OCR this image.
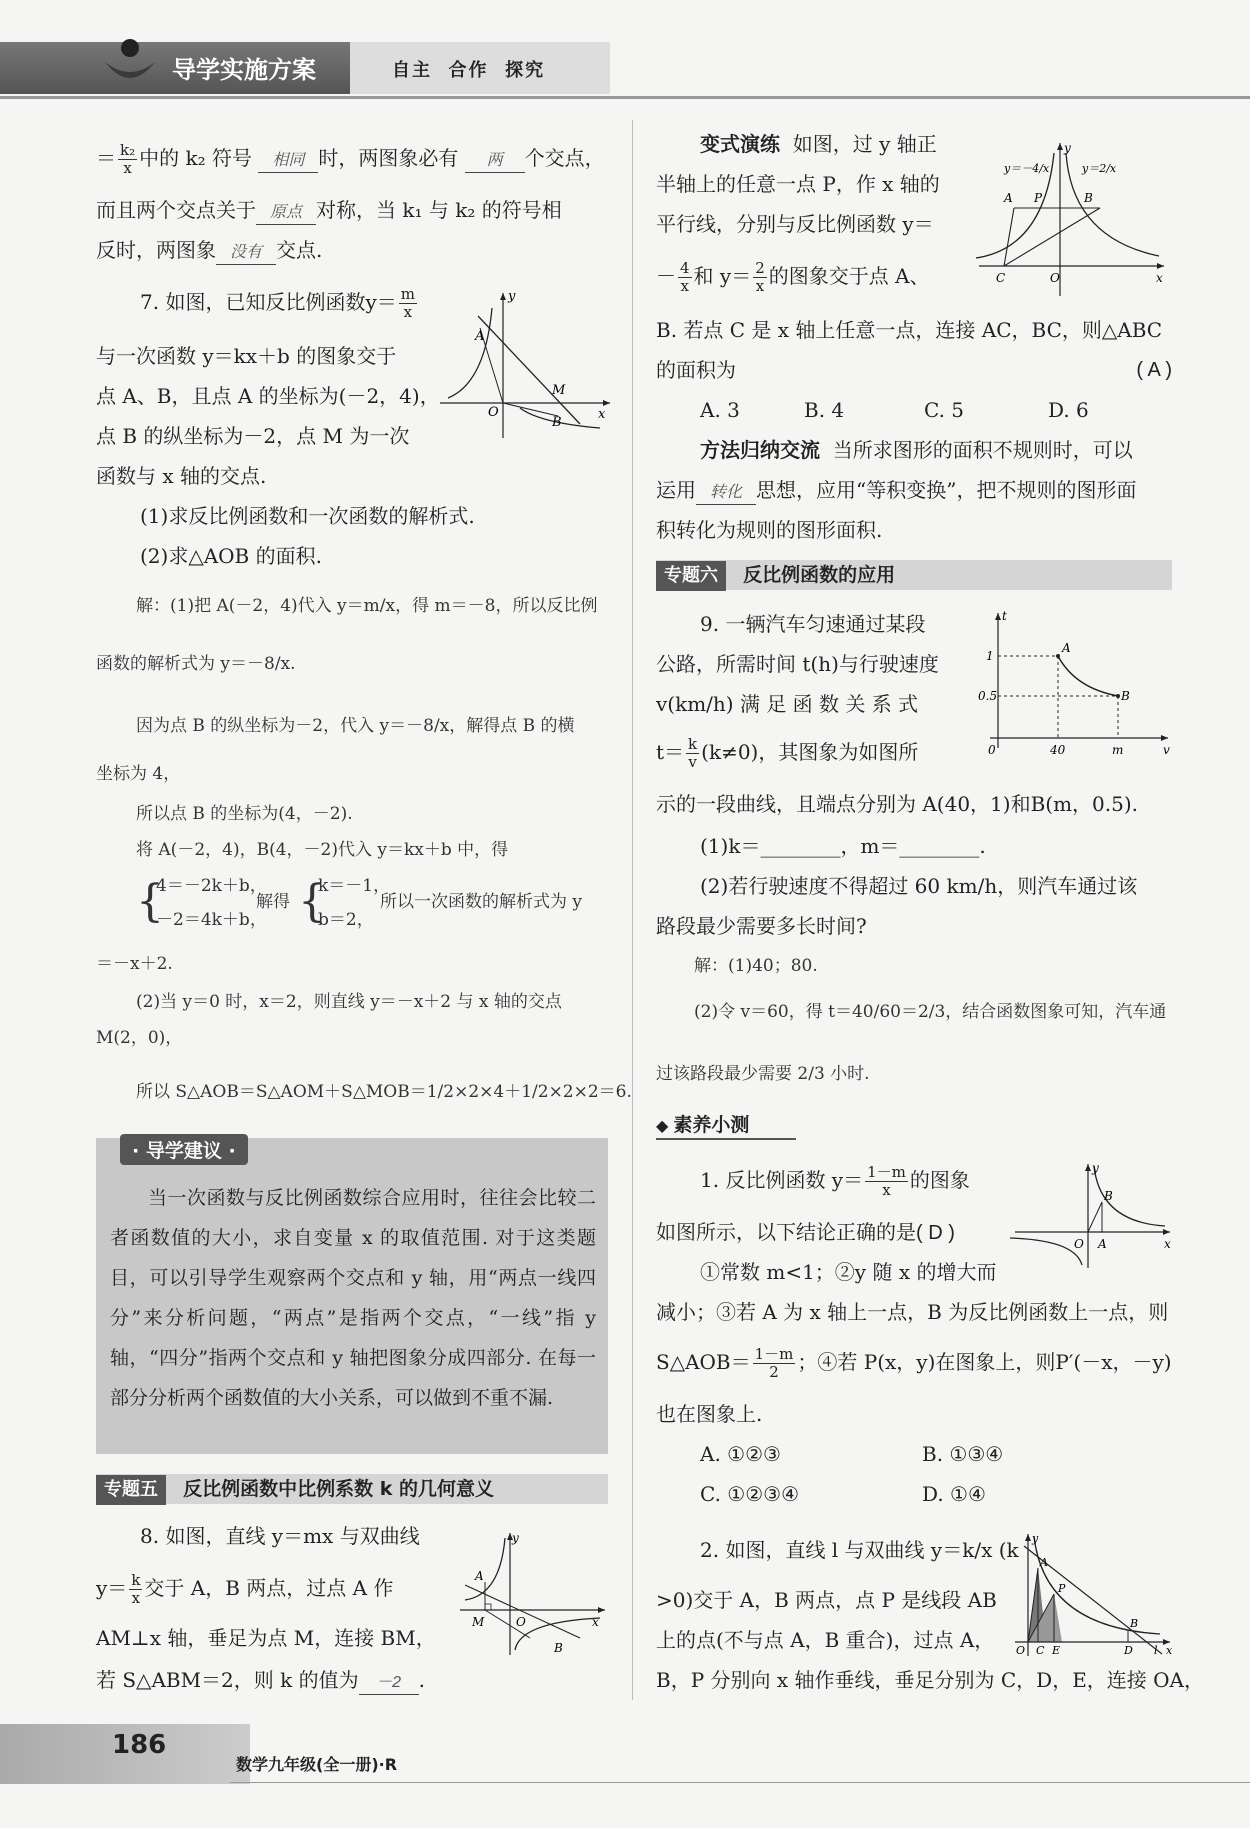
导学实施方案	自主  合作  探究
＝ $\frac{\text{k₂}}{x}$ 中的 k₂ 符号 相同 时，两图象必有 两 个交点，
而且两个交点关于 原点 对称，当 k₁ 与 k₂ 的符号相
反时，两图象 没有 交点.
7. 如图，已知反比例函数$y= \frac{m}{x}$
与一次函数 y＝kx＋b 的图象交于
点 A、B，且点 A 的坐标为(－2，4)，
点 B 的纵坐标为－2，点 M 为一次
函数与 x 轴的交点.
(1)求反比例函数和一次函数的解析式.
(2)求△AOB 的面积.
A
y
O
M
B
x
解：(1)把 A(－2，4)代入 y＝m/x，得 m＝－8，所以反比例
函数的解析式为 y＝－8/x.
因为点 B 的纵坐标为－2，代入 y＝－8/x，解得点 B 的横
坐标为 4，
所以点 B 的坐标为(4，－2).
将 A(－2，4)，B(4，－2)代入 y＝kx＋b 中，得
{
4＝－2k＋b，
－2＝4k＋b，
解得 {
k＝－1，
b＝2，
所以一次函数的解析式为 y
＝－x＋2.
(2)当 y＝0 时，x＝2，则直线 y＝－x＋2 与 x 轴的交点
M(2，0)，
所以 S△AOB＝S△AOM＋S△MOB＝1/2×2×4＋1/2×2×2＝6.
· 导学建议 ·
当一次函数与反比例函数综合应用时，往往会比较二者函数值的大小，求自变量 x 的取值范围. 对于这类题目，可以引导学生观察两个交点和 y 轴，用“两点一线四分”来分析问题，“两点”是指两个交点，“一线”指 y 轴，“四分”指两个交点和 y 轴把图象分成四部分. 在每一部分分析两个函数值的大小关系，可以做到不重不漏.
专题五 反比例函数中比例系数 k 的几何意义
8. 如图，直线 y＝mx 与双曲线
$y= \frac{k}{x}$ 交于 A，B 两点，过点 A 作
AM⊥x 轴，垂足为点 M，连接 BM，
若 S△ABM＝2，则 k 的值为 －2 .
A
y
O
M
B
x
186
数学九年级(全一册)·R
变式演练 如图，过 y 轴正
半轴上的任意一点 P，作 x 轴的
平行线，分别与反比例函数 y＝
－ $\frac{4}{x}$ 和 $y= \frac{2}{x}$ 的图象交于点 A、
B. 若点 C 是 x 轴上任意一点，连接 AC，BC，则△ABC
的面积为	( A )
A. 3	B. 4	C. 5	D. 6
A P	B
C	O	x
y
y＝－4/x	y＝2/x
方法归纳交流 当所求图形的面积不规则时，可以
运用 转化 思想，应用“等积变换”，把不规则的图形面
积转化为规则的图形面积.
专题六 反比例函数的应用
9. 一辆汽车匀速通过某段
公路，所需时间 t(h)与行驶速度
v(km/h) 满 足 函 数 关 系 式
$t= \frac{k}{v} (k\ne 0)$，其图象为如图所
示的一段曲线，且端点分别为 A(40，1)和B(m，0.5).
(1)k＝________，m＝________.
(2)若行驶速度不得超过 60 km/h，则汽车通过该
路段最少需要多长时间?
解：(1)40；80.
(2)令 v＝60，得 t＝40/60＝2/3，结合函数图象可知，汽车通
过该路段最少需要 2/3 小时.
t
1
0.5
0	40	m	v
A
B
◆ 素养小测
1. 反比例函数 $y= \frac{1-m}{x}$ 的图象
如图所示，以下结论正确的是( D )
①常数 m<1；②y 随 x 的增大而
减小；③若 A 为 x 轴上一点，B 为反比例函数上一点，则
S△AOB＝ $\frac{1-m}{2}$ ；④若 P(x，y)在图象上，则P′(－x，－y)
也在图象上.
A. ①②③	B. ①③④
C. ①②③④	D. ①④
y
B
O A	x
2. 如图，直线 l 与双曲线 y＝k/x (k
>0)交于 A，B 两点，点 P 是线段 AB
上的点(不与点 A，B 重合)，过点 A，
B，P 分别向 x 轴作垂线，垂足分别为 C，D，E，连接 OA，
y
A
P
B
O C E	D l x
